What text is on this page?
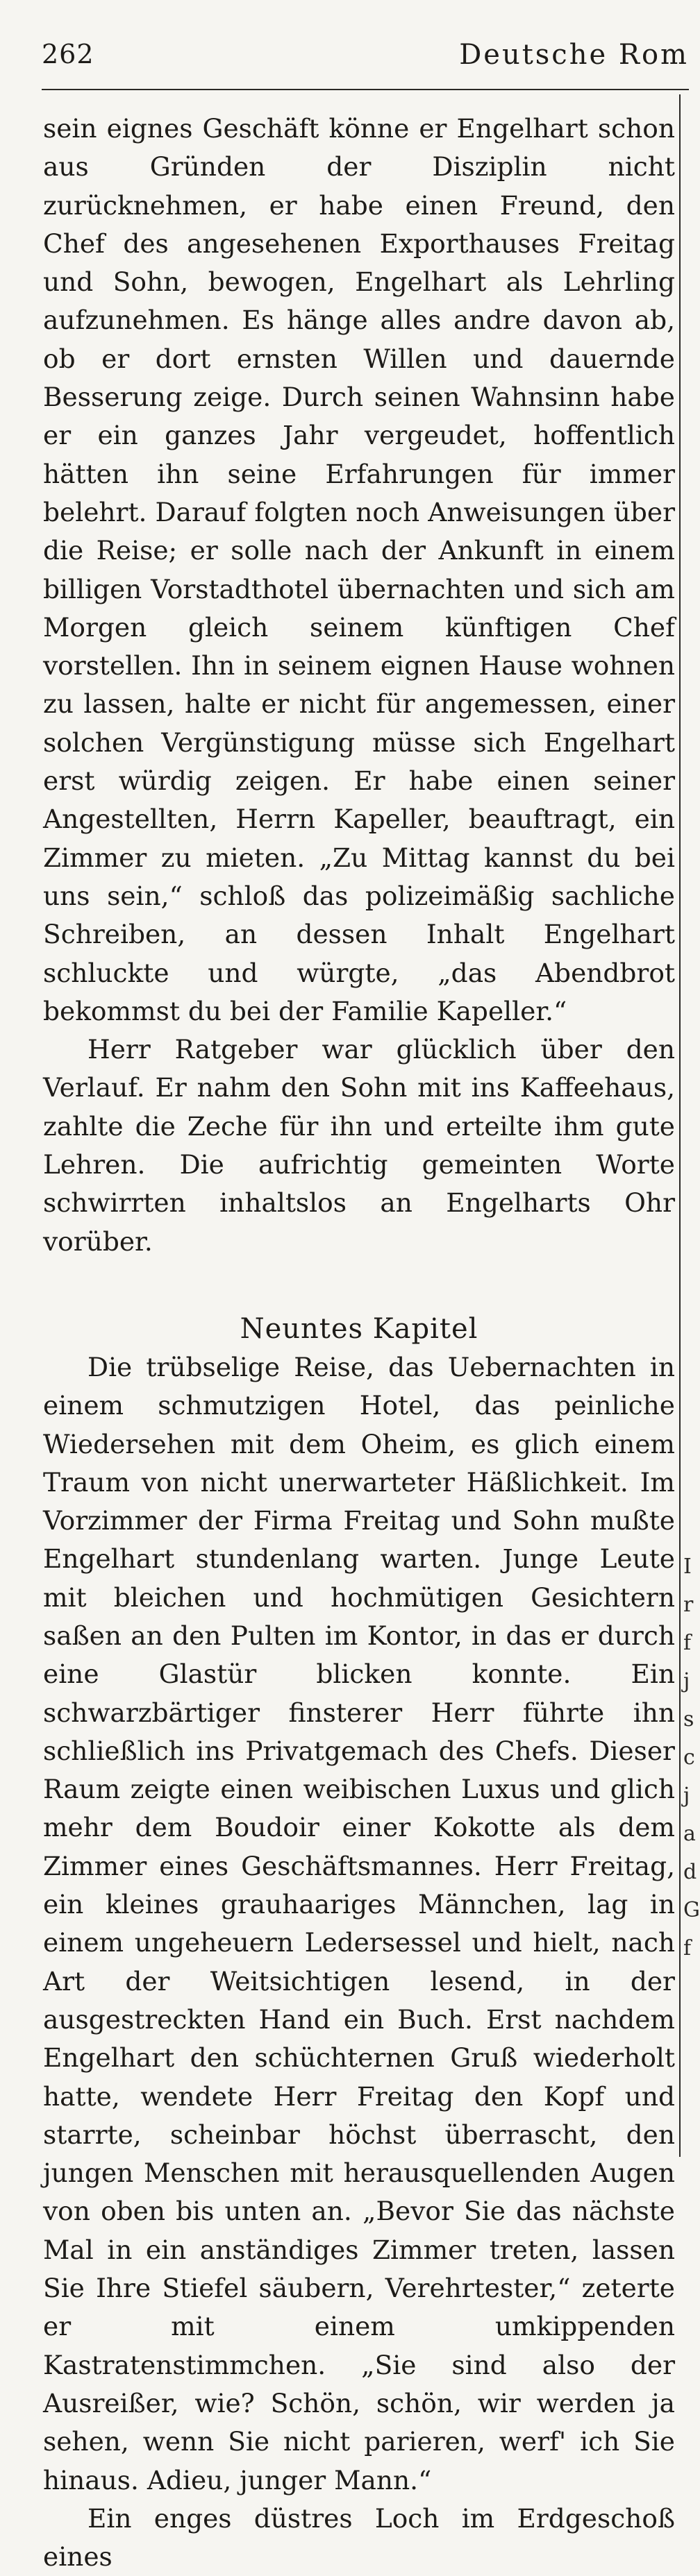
262	Deutsche Rom

sein eignes Geschäft könne er Engelhart schon aus Gründen der Disziplin nicht zurücknehmen, er habe einen Freund, den Chef des angesehenen Exporthauses Freitag und Sohn, bewogen, Engelhart als Lehrling aufzunehmen. Es hänge alles andre davon ab, ob er dort ernsten Willen und dauernde Besserung zeige. Durch seinen Wahnsinn habe er ein ganzes Jahr vergeudet, hoffentlich hätten ihn seine Erfahrungen für immer belehrt. Darauf folgten noch Anweisungen über die Reise; er solle nach der Ankunft in einem billigen Vorstadthotel übernachten und sich am Morgen gleich seinem künftigen Chef vorstellen. Ihn in seinem eignen Hause wohnen zu lassen, halte er nicht für angemessen, einer solchen Vergünstigung müsse sich Engelhart erst würdig zeigen. Er habe einen seiner Angestellten, Herrn Kapeller, beauftragt, ein Zimmer zu mieten. „Zu Mittag kannst du bei uns sein,“ schloß das polizeimäßig sachliche Schreiben, an dessen Inhalt Engelhart schluckte und würgte, „das Abendbrot bekommst du bei der Familie Kapeller.“

Herr Ratgeber war glücklich über den Verlauf. Er nahm den Sohn mit ins Kaffeehaus, zahlte die Zeche für ihn und erteilte ihm gute Lehren. Die aufrichtig gemeinten Worte schwirrten inhaltslos an Engelharts Ohr vorüber.

Neuntes Kapitel

Die trübselige Reise, das Uebernachten in einem schmutzigen Hotel, das peinliche Wiedersehen mit dem Oheim, es glich einem Traum von nicht unerwarteter Häßlichkeit. Im Vorzimmer der Firma Freitag und Sohn mußte Engelhart stundenlang warten. Junge Leute mit bleichen und hochmütigen Gesichtern saßen an den Pulten im Kontor, in das er durch eine Glastür blicken konnte. Ein schwarzbärtiger finsterer Herr führte ihn schließlich ins Privatgemach des Chefs. Dieser Raum zeigte einen weibischen Luxus und glich mehr dem Boudoir einer Kokotte als dem Zimmer eines Geschäftsmannes. Herr Freitag, ein kleines grauhaariges Männchen, lag in einem ungeheuern Ledersessel und hielt, nach Art der Weitsichtigen lesend, in der ausgestreckten Hand ein Buch. Erst nachdem Engelhart den schüchternen Gruß wiederholt hatte, wendete Herr Freitag den Kopf und starrte, scheinbar höchst überrascht, den jungen Menschen mit herausquellenden Augen von oben bis unten an. „Bevor Sie das nächste Mal in ein anständiges Zimmer treten, lassen Sie Ihre Stiefel säubern, Verehrtester,“ zeterte er mit einem umkippenden Kastratenstimmchen. „Sie sind also der Ausreißer, wie? Schön, schön, wir werden ja sehen, wenn Sie nicht parieren, werf' ich Sie hinaus. Adieu, junger Mann.“

Ein enges düstres Loch im Erdgeschoß eines

I r f j s c j a d G f
